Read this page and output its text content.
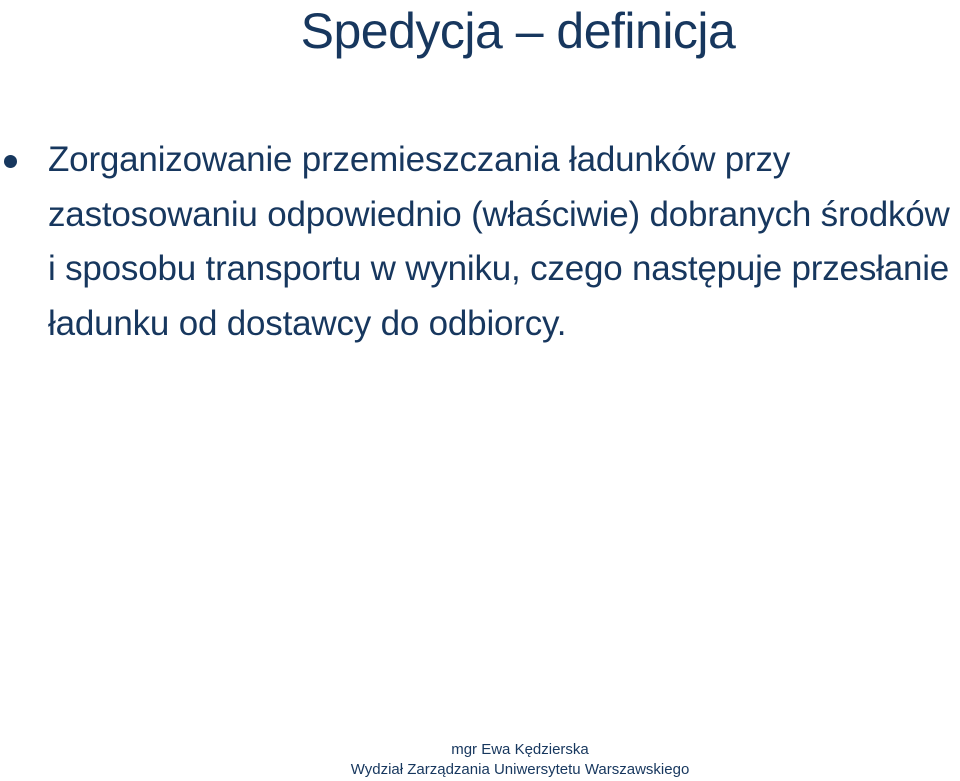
Spedycja – definicja
Zorganizowanie przemieszczania ładunków przy zastosowaniu odpowiednio (właściwie) dobranych środków i sposobu transportu w wyniku, czego następuje przesłanie ładunku od dostawcy do odbiorcy.
mgr Ewa Kędzierska
Wydział Zarządzania Uniwersytetu Warszawskiego
